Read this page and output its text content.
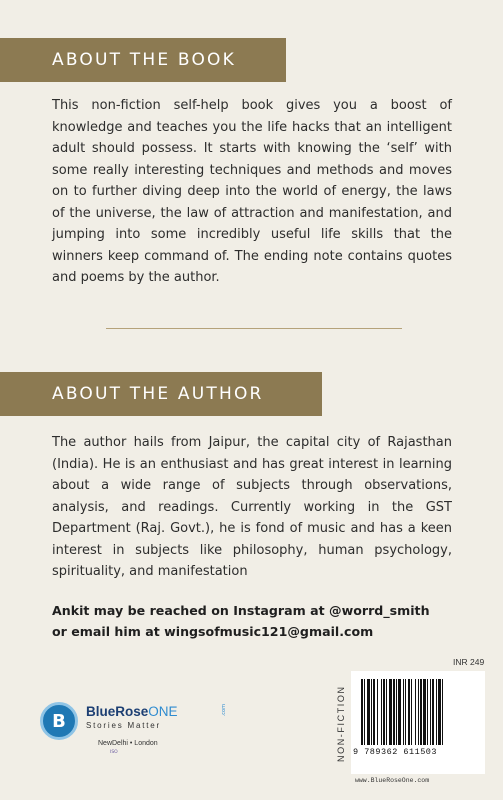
ABOUT THE BOOK

This non-fiction self-help book gives you a boost of knowledge and teaches you the life hacks that an intelligent adult should possess. It starts with knowing the ‘self’ with some really interesting techniques and methods and moves on to further diving deep into the world of energy, the laws of the universe, the law of attraction and manifestation, and jumping into some incredibly useful life skills that the winners keep command of. The ending note contains quotes and poems by the author.

ABOUT THE AUTHOR

The author hails from Jaipur, the capital city of Rajasthan (India). He is an enthusiast and has great interest in learning about a wide range of subjects through observations, analysis, and readings. Currently working in the GST Department (Raj. Govt.), he is fond of music and has a keen interest in subjects like philosophy, human psychology, spirituality, and manifestation

Ankit may be reached on Instagram at @worrd_smith
or email him at wingsofmusic121@gmail.com
B BlueRoseONE	.com
Stories Matter
NewDelhi • London
ISO
INR 249
NON-FICTION 9 789362 611503
www.BlueRoseOne.com
